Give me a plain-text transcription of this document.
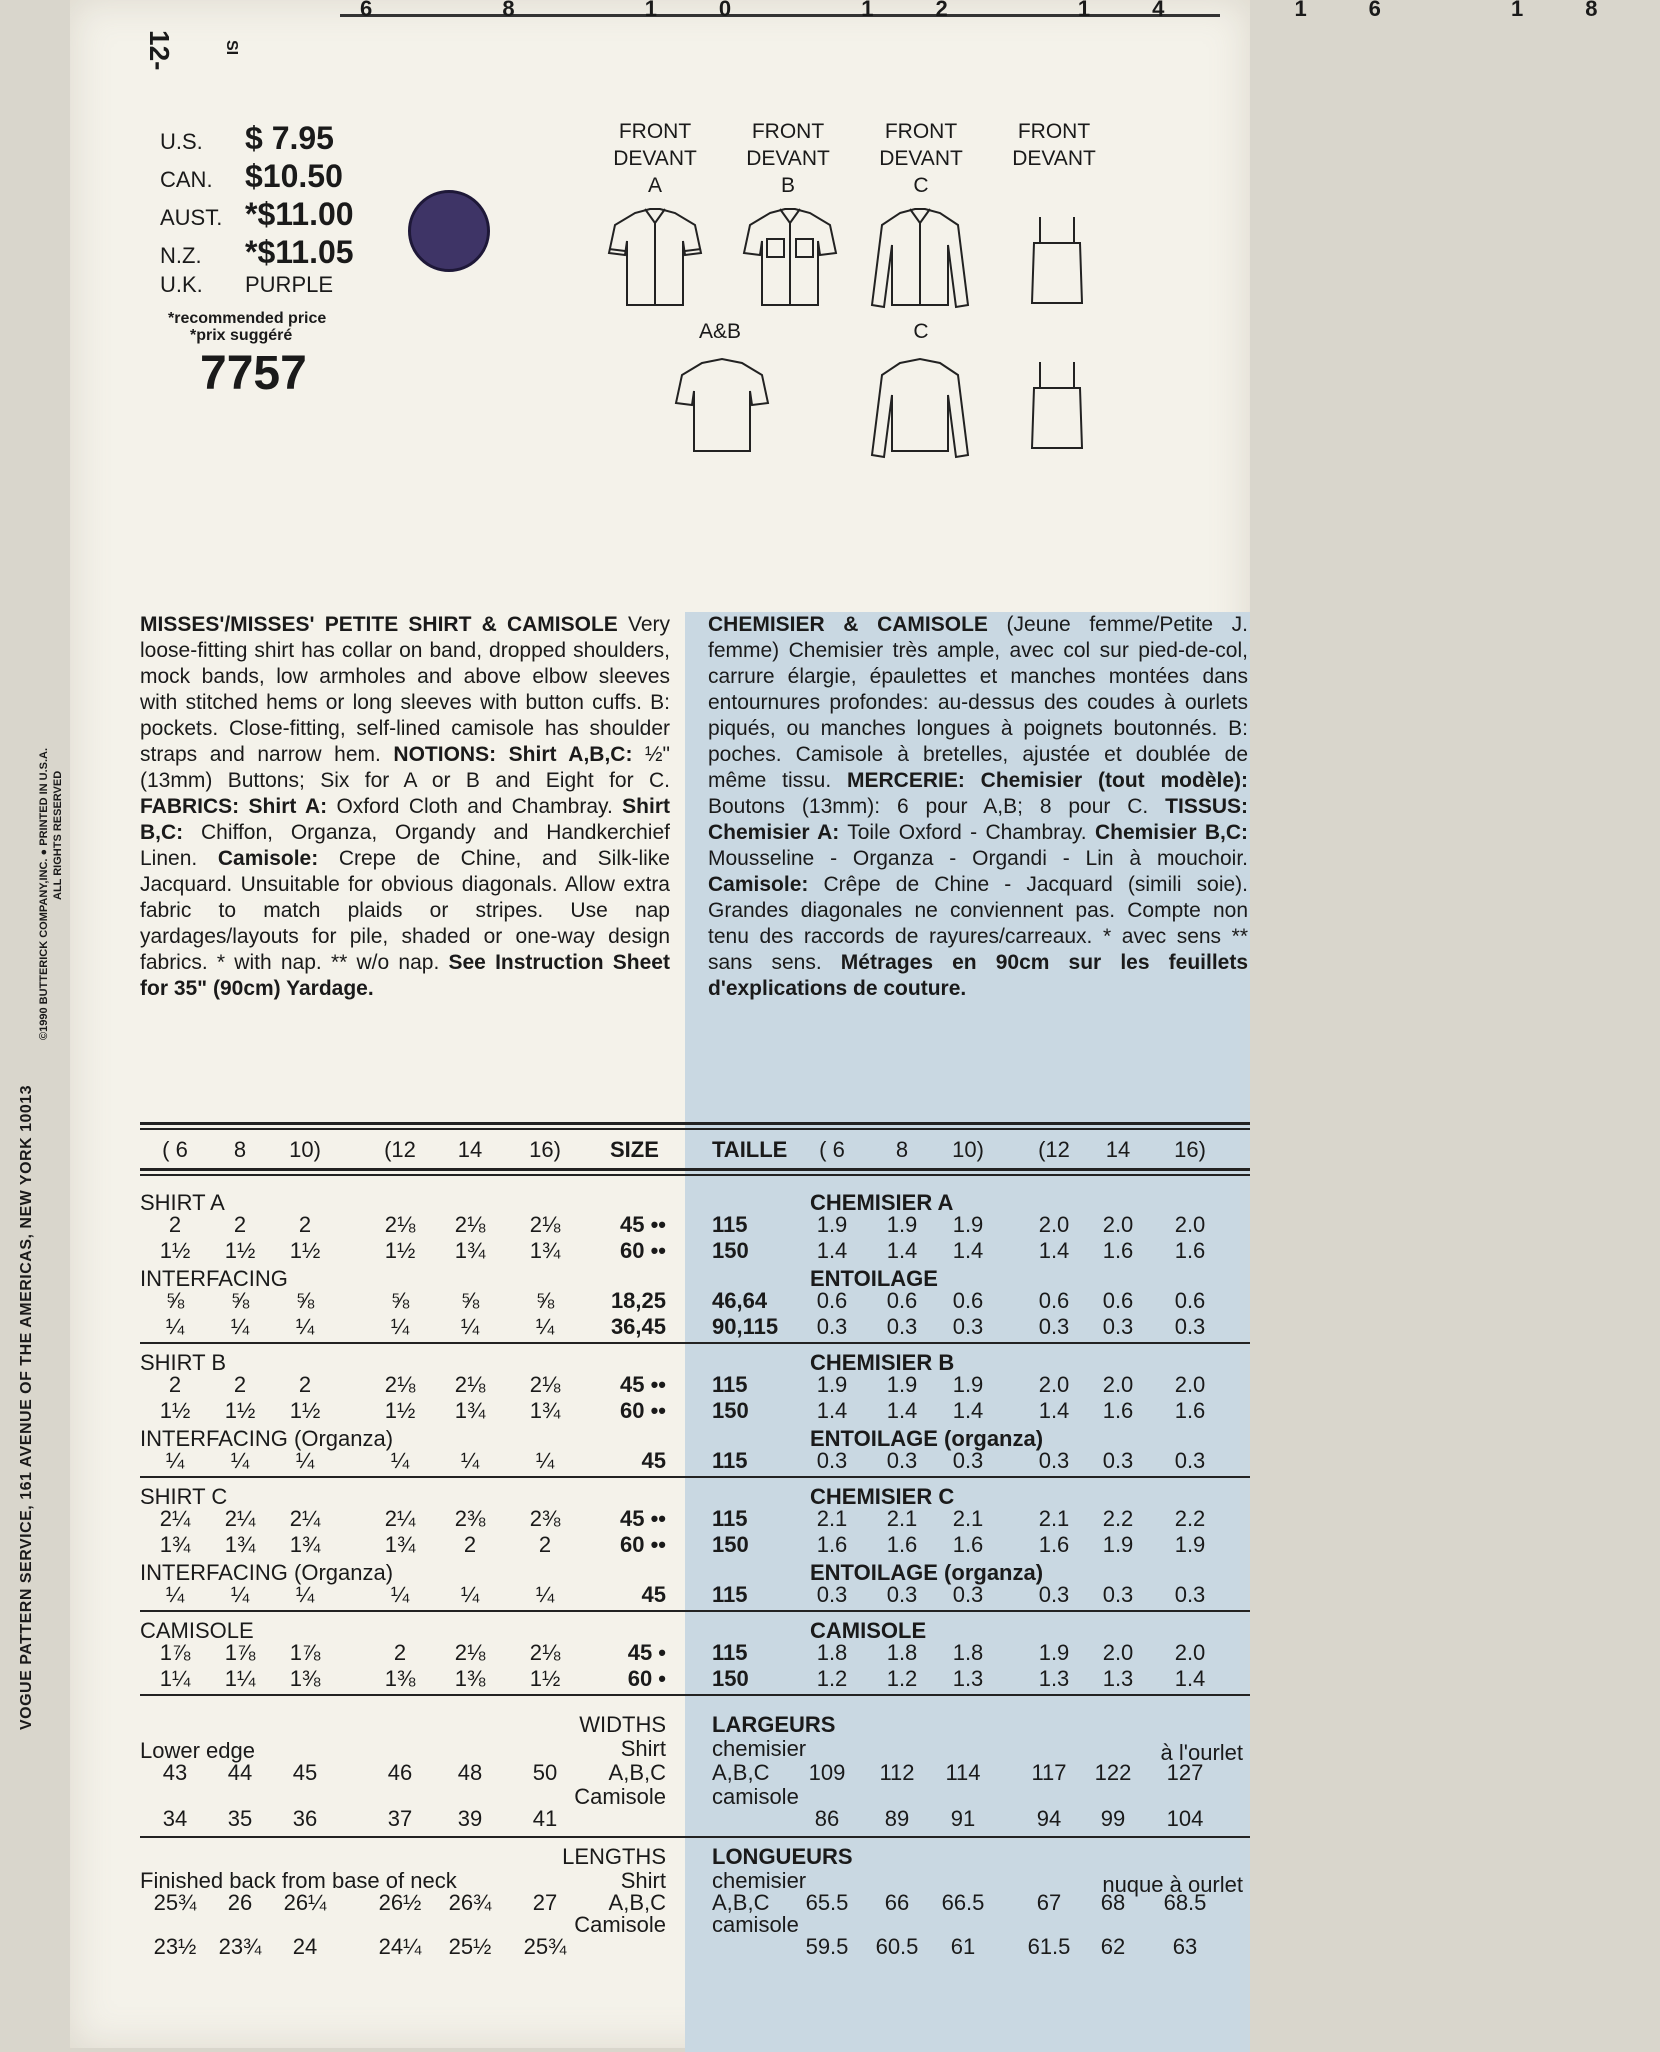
6 8 10 12 14 16 18
VOGUE PATTERN SERVICE, 161 AVENUE OF THE AMERICAS, NEW YORK 10013
©1990 BUTTERICK COMPANY,INC. ● PRINTED IN U.S.A. ALL RIGHTS RESERVED
12-	SI
U.S.	$ 7.95
CAN.	$10.50
AUST. *$11.00
N.Z.	*$11.05
U.K.	PURPLE
*recommended price
*prix suggéré
7757
FRONT
DEVANT
A
FRONT
DEVANT
B
FRONT
DEVANT
C
FRONT
DEVANT
A&B	C
MISSES'/MISSES' PETITE SHIRT & CAMISOLE Very loose-fitting shirt has collar on band, dropped shoulders, mock bands, low armholes and above elbow sleeves with stitched hems or long sleeves with button cuffs. B: pockets. Close-fitting, self-lined camisole has shoulder straps and narrow hem. NOTIONS: Shirt A,B,C: ½" (13mm) Buttons; Six for A or B and Eight for C. FABRICS: Shirt A: Oxford Cloth and Chambray. Shirt B,C: Chiffon, Organza, Organdy and Handkerchief Linen. Camisole: Crepe de Chine, and Silk-like Jacquard. Unsuitable for obvious diagonals. Allow extra fabric to match plaids or stripes. Use nap yardages/layouts for pile, shaded or one-way design fabrics. * with nap. ** w/o nap. See Instruction Sheet for 35" (90cm) Yardage.
CHEMISIER & CAMISOLE (Jeune femme/Petite J. femme) Chemisier très ample, avec col sur pied-de-col, carrure élargie, épaulettes et manches montées dans entournures profondes: au-dessus des coudes à ourlets piqués, ou manches longues à poignets boutonnés. B: poches. Camisole à bretelles, ajustée et doublée de même tissu. MERCERIE: Chemisier (tout modèle): Boutons (13mm): 6 pour A,B; 8 pour C. TISSUS: Chemisier A: Toile Oxford - Chambray. Chemisier B,C: Mousseline - Organza - Organdi - Lin à mouchoir. Camisole: Crêpe de Chine - Jacquard (simili soie). Grandes diagonales ne conviennent pas. Compte non tenu des raccords de rayures/carreaux. * avec sens ** sans sens. Métrages en 90cm sur les feuillets d'explications de couture.
( 6	8	10)	(12	14	16)	SIZE TAILLE	( 6	8	10)	(12	14	16)
SHIRT A	CHEMISIER A
2	2	2	2⅛	2⅛	2⅛	45 •• 115	1.9	1.9	1.9	2.0	2.0	2.0
1½	1½	1½	1½	1¾	1¾	60 •• 150	1.4	1.4	1.4	1.4	1.6	1.6
INTERFACING	ENTOILAGE
⅝	⅝	⅝	⅝	⅝	⅝	18,25 46,64	0.6	0.6	0.6	0.6	0.6	0.6
¼	¼	¼	¼	¼	¼	36,45 90,115	0.3	0.3	0.3	0.3	0.3	0.3
SHIRT B	CHEMISIER B
2	2	2	2⅛	2⅛	2⅛	45 •• 115	1.9	1.9	1.9	2.0	2.0	2.0
1½	1½	1½	1½	1¾	1¾	60 •• 150	1.4	1.4	1.4	1.4	1.6	1.6
INTERFACING (Organza)	ENTOILAGE (organza)
¼	¼	¼	¼	¼	¼	45 115	0.3	0.3	0.3	0.3	0.3	0.3
SHIRT C	CHEMISIER C
2¼	2¼	2¼	2¼	2⅜	2⅜	45 •• 115	2.1	2.1	2.1	2.1	2.2	2.2
1¾	1¾	1¾	1¾	2	2	60 •• 150	1.6	1.6	1.6	1.6	1.9	1.9
INTERFACING (Organza)	ENTOILAGE (organza)
¼	¼	¼	¼	¼	¼	45 115	0.3	0.3	0.3	0.3	0.3	0.3
CAMISOLE	CAMISOLE
1⅞	1⅞	1⅞	2	2⅛	2⅛	45 • 115	1.8	1.8	1.8	1.9	2.0	2.0
1¼	1¼	1⅜	1⅜	1⅜	1½	60 • 150	1.2	1.2	1.3	1.3	1.3	1.4
WIDTHS LARGEURS
Lower edge	Shirt chemisier	à l'ourlet
43	44	45	46	48	50	A,B,C A,B,C	109	112	114	117	122	127
Camisole camisole
34	35	36	37	39	41	86	89	91	94	99	104
LENGTHS LONGUEURS
Finished back from base of neck	Shirt chemisier	nuque à ourlet
25¾	26	26¼	26½	26¾	27	A,B,C A,B,C	65.5	66	66.5	67	68	68.5
Camisole camisole
23½	23¾	24	24¼	25½	25¾	59.5	60.5	61	61.5	62	63
